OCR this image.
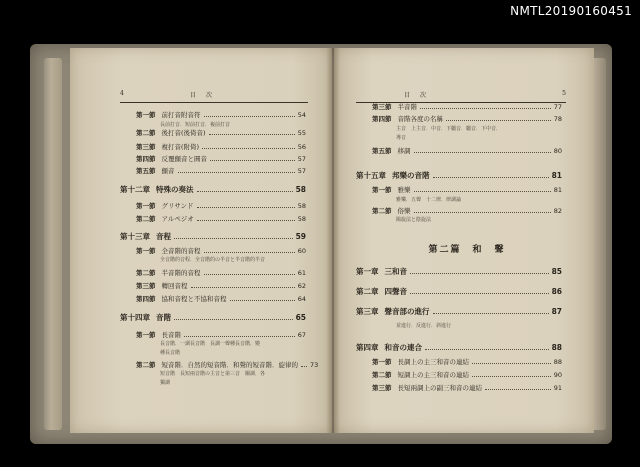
NMTL20190160451
4	目次
第一節 前打音附音符	54
長前打音．短前打音．複前打音
第二節 後打音(後倚音)	55
第三節 複打音(附倚)	56
第四節 反覆顫音と圓音	57
第五節 顫音	57
第十二章 特殊の奏法	58
第一節 グリサンド	58
第二節 アルペジオ	58
第十三章 音程	59
第一節 全音階的音程	60
全音階的音程．全音階的の半音と半音階的半音
第二節 半音階的音程	61
第三節 轉回音程	62
第四節 協和音程と不協和音程	64
第十四章 音階	65
第一節 長音階	67
長音階．一調長音階　長調一聲種長音階．變
種長音階
第二節 短音階．自然的短音階．和聲的短音階．旋律的 73
短音階　長短兩音階の主音と第三音　關調．各
獨調
目次	5
第三節 半音階	77
第四節 音階各度の名稱	78
主音　上主音．中音．下屬音．屬音．下中音．
導音
第五節 移調	80
第十五章 邦樂の音階	81
第一節 雅樂	81
雅樂．五聲　十二律．律調論
第二節 俗樂	82
陽旋法と陰旋法
第二篇　和　聲
第一章 三和音	85
第二章 四聲音	86
第三章 聲音部の進行	87
並進行．反進行．斜進行
第四章 和音の連合	88
第一節 長調上の主三和音の連結	88
第二節 短調上の主三和音の連結	90
第三節 長短兩調上の副三和音の連結	91
